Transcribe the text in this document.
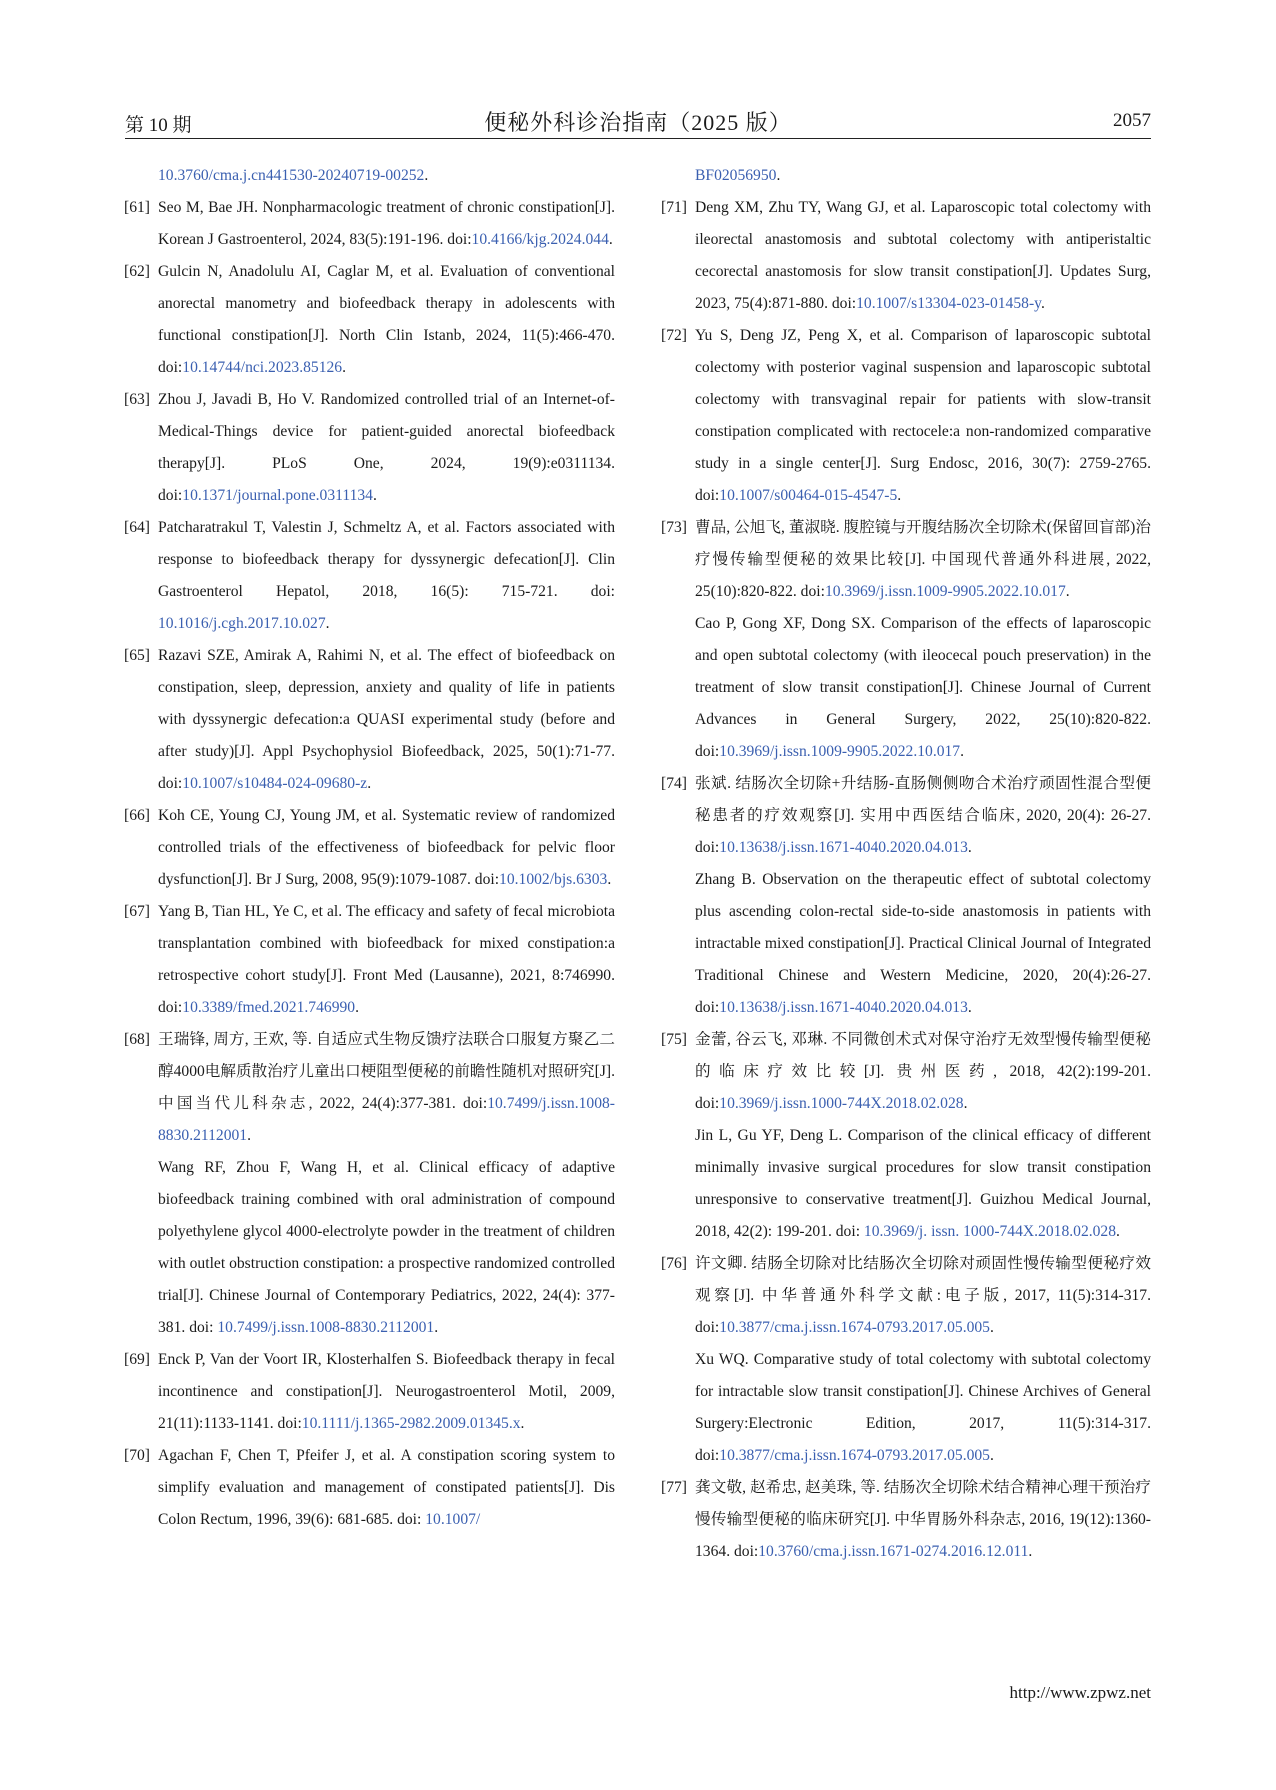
第 10 期	便秘外科诊治指南（2025 版）	2057

10.3760/cma.j.cn441530-20240719-00252.

[61] Seo M, Bae JH. Nonpharmacologic treatment of chronic constipation[J]. Korean J Gastroenterol, 2024, 83(5):191-196. doi:10.4166/kjg.2024.044.

[62] Gulcin N, Anadolulu AI, Caglar M, et al. Evaluation of conventional anorectal manometry and biofeedback therapy in adolescents with functional constipation[J]. North Clin Istanb, 2024, 11(5):466-470. doi:10.14744/nci.2023.85126.

[63] Zhou J, Javadi B, Ho V. Randomized controlled trial of an Internet-of-Medical-Things device for patient-guided anorectal biofeedback therapy[J]. PLoS One, 2024, 19(9):e0311134. doi:10.1371/journal.pone.0311134.

[64] Patcharatrakul T, Valestin J, Schmeltz A, et al. Factors associated with response to biofeedback therapy for dyssynergic defecation[J]. Clin Gastroenterol Hepatol, 2018, 16(5): 715-721. doi: 10.1016/j.cgh.2017.10.027.

[65] Razavi SZE, Amirak A, Rahimi N, et al. The effect of biofeedback on constipation, sleep, depression, anxiety and quality of life in patients with dyssynergic defecation:a QUASI experimental study (before and after study)[J]. Appl Psychophysiol Biofeedback, 2025, 50(1):71-77. doi:10.1007/s10484-024-09680-z.

[66] Koh CE, Young CJ, Young JM, et al. Systematic review of randomized controlled trials of the effectiveness of biofeedback for pelvic floor dysfunction[J]. Br J Surg, 2008, 95(9):1079-1087. doi:10.1002/bjs.6303.

[67] Yang B, Tian HL, Ye C, et al. The efficacy and safety of fecal microbiota transplantation combined with biofeedback for mixed constipation:a retrospective cohort study[J]. Front Med (Lausanne), 2021, 8:746990. doi:10.3389/fmed.2021.746990.

[68] 王瑞锋, 周方, 王欢, 等. 自适应式生物反馈疗法联合口服复方聚乙二醇4000电解质散治疗儿童出口梗阻型便秘的前瞻性随机对照研究[J]. 中国当代儿科杂志, 2022, 24(4):377-381. doi:10.7499/j.issn.1008-8830.2112001.

Wang RF, Zhou F, Wang H, et al. Clinical efficacy of adaptive biofeedback training combined with oral administration of compound polyethylene glycol 4000-electrolyte powder in the treatment of children with outlet obstruction constipation: a prospective randomized controlled trial[J]. Chinese Journal of Contemporary Pediatrics, 2022, 24(4): 377-381. doi: 10.7499/j.issn.1008-8830.2112001.

[69] Enck P, Van der Voort IR, Klosterhalfen S. Biofeedback therapy in fecal incontinence and constipation[J]. Neurogastroenterol Motil, 2009, 21(11):1133-1141. doi:10.1111/j.1365-2982.2009.01345.x.

[70] Agachan F, Chen T, Pfeifer J, et al. A constipation scoring system to simplify evaluation and management of constipated patients[J]. Dis Colon Rectum, 1996, 39(6): 681-685. doi: 10.1007/

BF02056950.

[71] Deng XM, Zhu TY, Wang GJ, et al. Laparoscopic total colectomy with ileorectal anastomosis and subtotal colectomy with antiperistaltic cecorectal anastomosis for slow transit constipation[J]. Updates Surg, 2023, 75(4):871-880. doi:10.1007/s13304-023-01458-y.

[72] Yu S, Deng JZ, Peng X, et al. Comparison of laparoscopic subtotal colectomy with posterior vaginal suspension and laparoscopic subtotal colectomy with transvaginal repair for patients with slow-transit constipation complicated with rectocele:a non-randomized comparative study in a single center[J]. Surg Endosc, 2016, 30(7): 2759-2765. doi:10.1007/s00464-015-4547-5.

[73] 曹品, 公旭飞, 董淑晓. 腹腔镜与开腹结肠次全切除术(保留回盲部)治疗慢传输型便秘的效果比较[J]. 中国现代普通外科进展, 2022, 25(10):820-822. doi:10.3969/j.issn.1009-9905.2022.10.017.

Cao P, Gong XF, Dong SX. Comparison of the effects of laparoscopic and open subtotal colectomy (with ileocecal pouch preservation) in the treatment of slow transit constipation[J]. Chinese Journal of Current Advances in General Surgery, 2022, 25(10):820-822. doi:10.3969/j.issn.1009-9905.2022.10.017.

[74] 张斌. 结肠次全切除+升结肠-直肠侧侧吻合术治疗顽固性混合型便秘患者的疗效观察[J]. 实用中西医结合临床, 2020, 20(4): 26-27. doi:10.13638/j.issn.1671-4040.2020.04.013.

Zhang B. Observation on the therapeutic effect of subtotal colectomy plus ascending colon-rectal side-to-side anastomosis in patients with intractable mixed constipation[J]. Practical Clinical Journal of Integrated Traditional Chinese and Western Medicine, 2020, 20(4):26-27. doi:10.13638/j.issn.1671-4040.2020.04.013.

[75] 金蕾, 谷云飞, 邓琳. 不同微创术式对保守治疗无效型慢传输型便秘的临床疗效比较[J]. 贵州医药, 2018, 42(2):199-201. doi:10.3969/j.issn.1000-744X.2018.02.028.

Jin L, Gu YF, Deng L. Comparison of the clinical efficacy of different minimally invasive surgical procedures for slow transit constipation unresponsive to conservative treatment[J]. Guizhou Medical Journal, 2018, 42(2): 199-201. doi: 10.3969/j. issn. 1000-744X.2018.02.028.

[76] 许文卿. 结肠全切除对比结肠次全切除对顽固性慢传输型便秘疗效观察[J]. 中华普通外科学文献:电子版, 2017, 11(5):314-317. doi:10.3877/cma.j.issn.1674-0793.2017.05.005.

Xu WQ. Comparative study of total colectomy with subtotal colectomy for intractable slow transit constipation[J]. Chinese Archives of General Surgery:Electronic Edition, 2017, 11(5):314-317. doi:10.3877/cma.j.issn.1674-0793.2017.05.005.

[77] 龚文敬, 赵希忠, 赵美珠, 等. 结肠次全切除术结合精神心理干预治疗慢传输型便秘的临床研究[J]. 中华胃肠外科杂志, 2016, 19(12):1360-1364. doi:10.3760/cma.j.issn.1671-0274.2016.12.011.

http://www.zpwz.net
